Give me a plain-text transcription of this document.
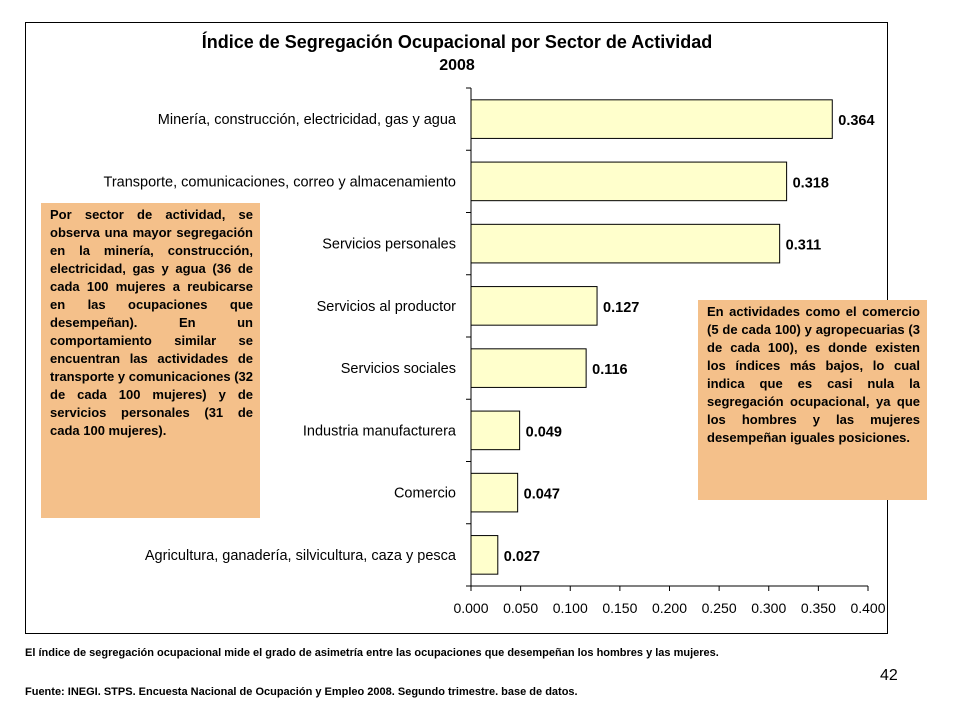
Índice de Segregación Ocupacional por Sector de Actividad
2008
Minería, construcción, electricidad, gas y agua	0.364
Transporte, comunicaciones, correo y almacenamiento	0.318
Servicios personales	0.311
Servicios al productor	0.127
Servicios sociales	0.116
Industria manufacturera	0.049
Comercio	0.047
Agricultura, ganadería, silvicultura, caza y pesca	0.027
0.000 0.050 0.100 0.150 0.200 0.250 0.300 0.350 0.400
Por sector de actividad, se observa una mayor segregación en la minería, construcción, electricidad, gas y agua (36 de cada 100 mujeres a reubicarse en las ocupaciones que desempeñan). En un comportamiento similar se encuentran las actividades de transporte y comunicaciones (32 de cada 100 mujeres) y de servicios personales (31 de cada 100 mujeres).
En actividades como el comercio (5 de cada 100) y agropecuarias (3 de cada 100), es donde existen los índices más bajos, lo cual indica que es casi nula la segregación ocupacional, ya que los hombres y las mujeres desempeñan iguales posiciones.
El índice de segregación ocupacional mide el grado de asimetría entre las ocupaciones que desempeñan los hombres y las mujeres.
Fuente: INEGI. STPS. Encuesta Nacional de Ocupación y Empleo 2008. Segundo trimestre. base de datos.
42
